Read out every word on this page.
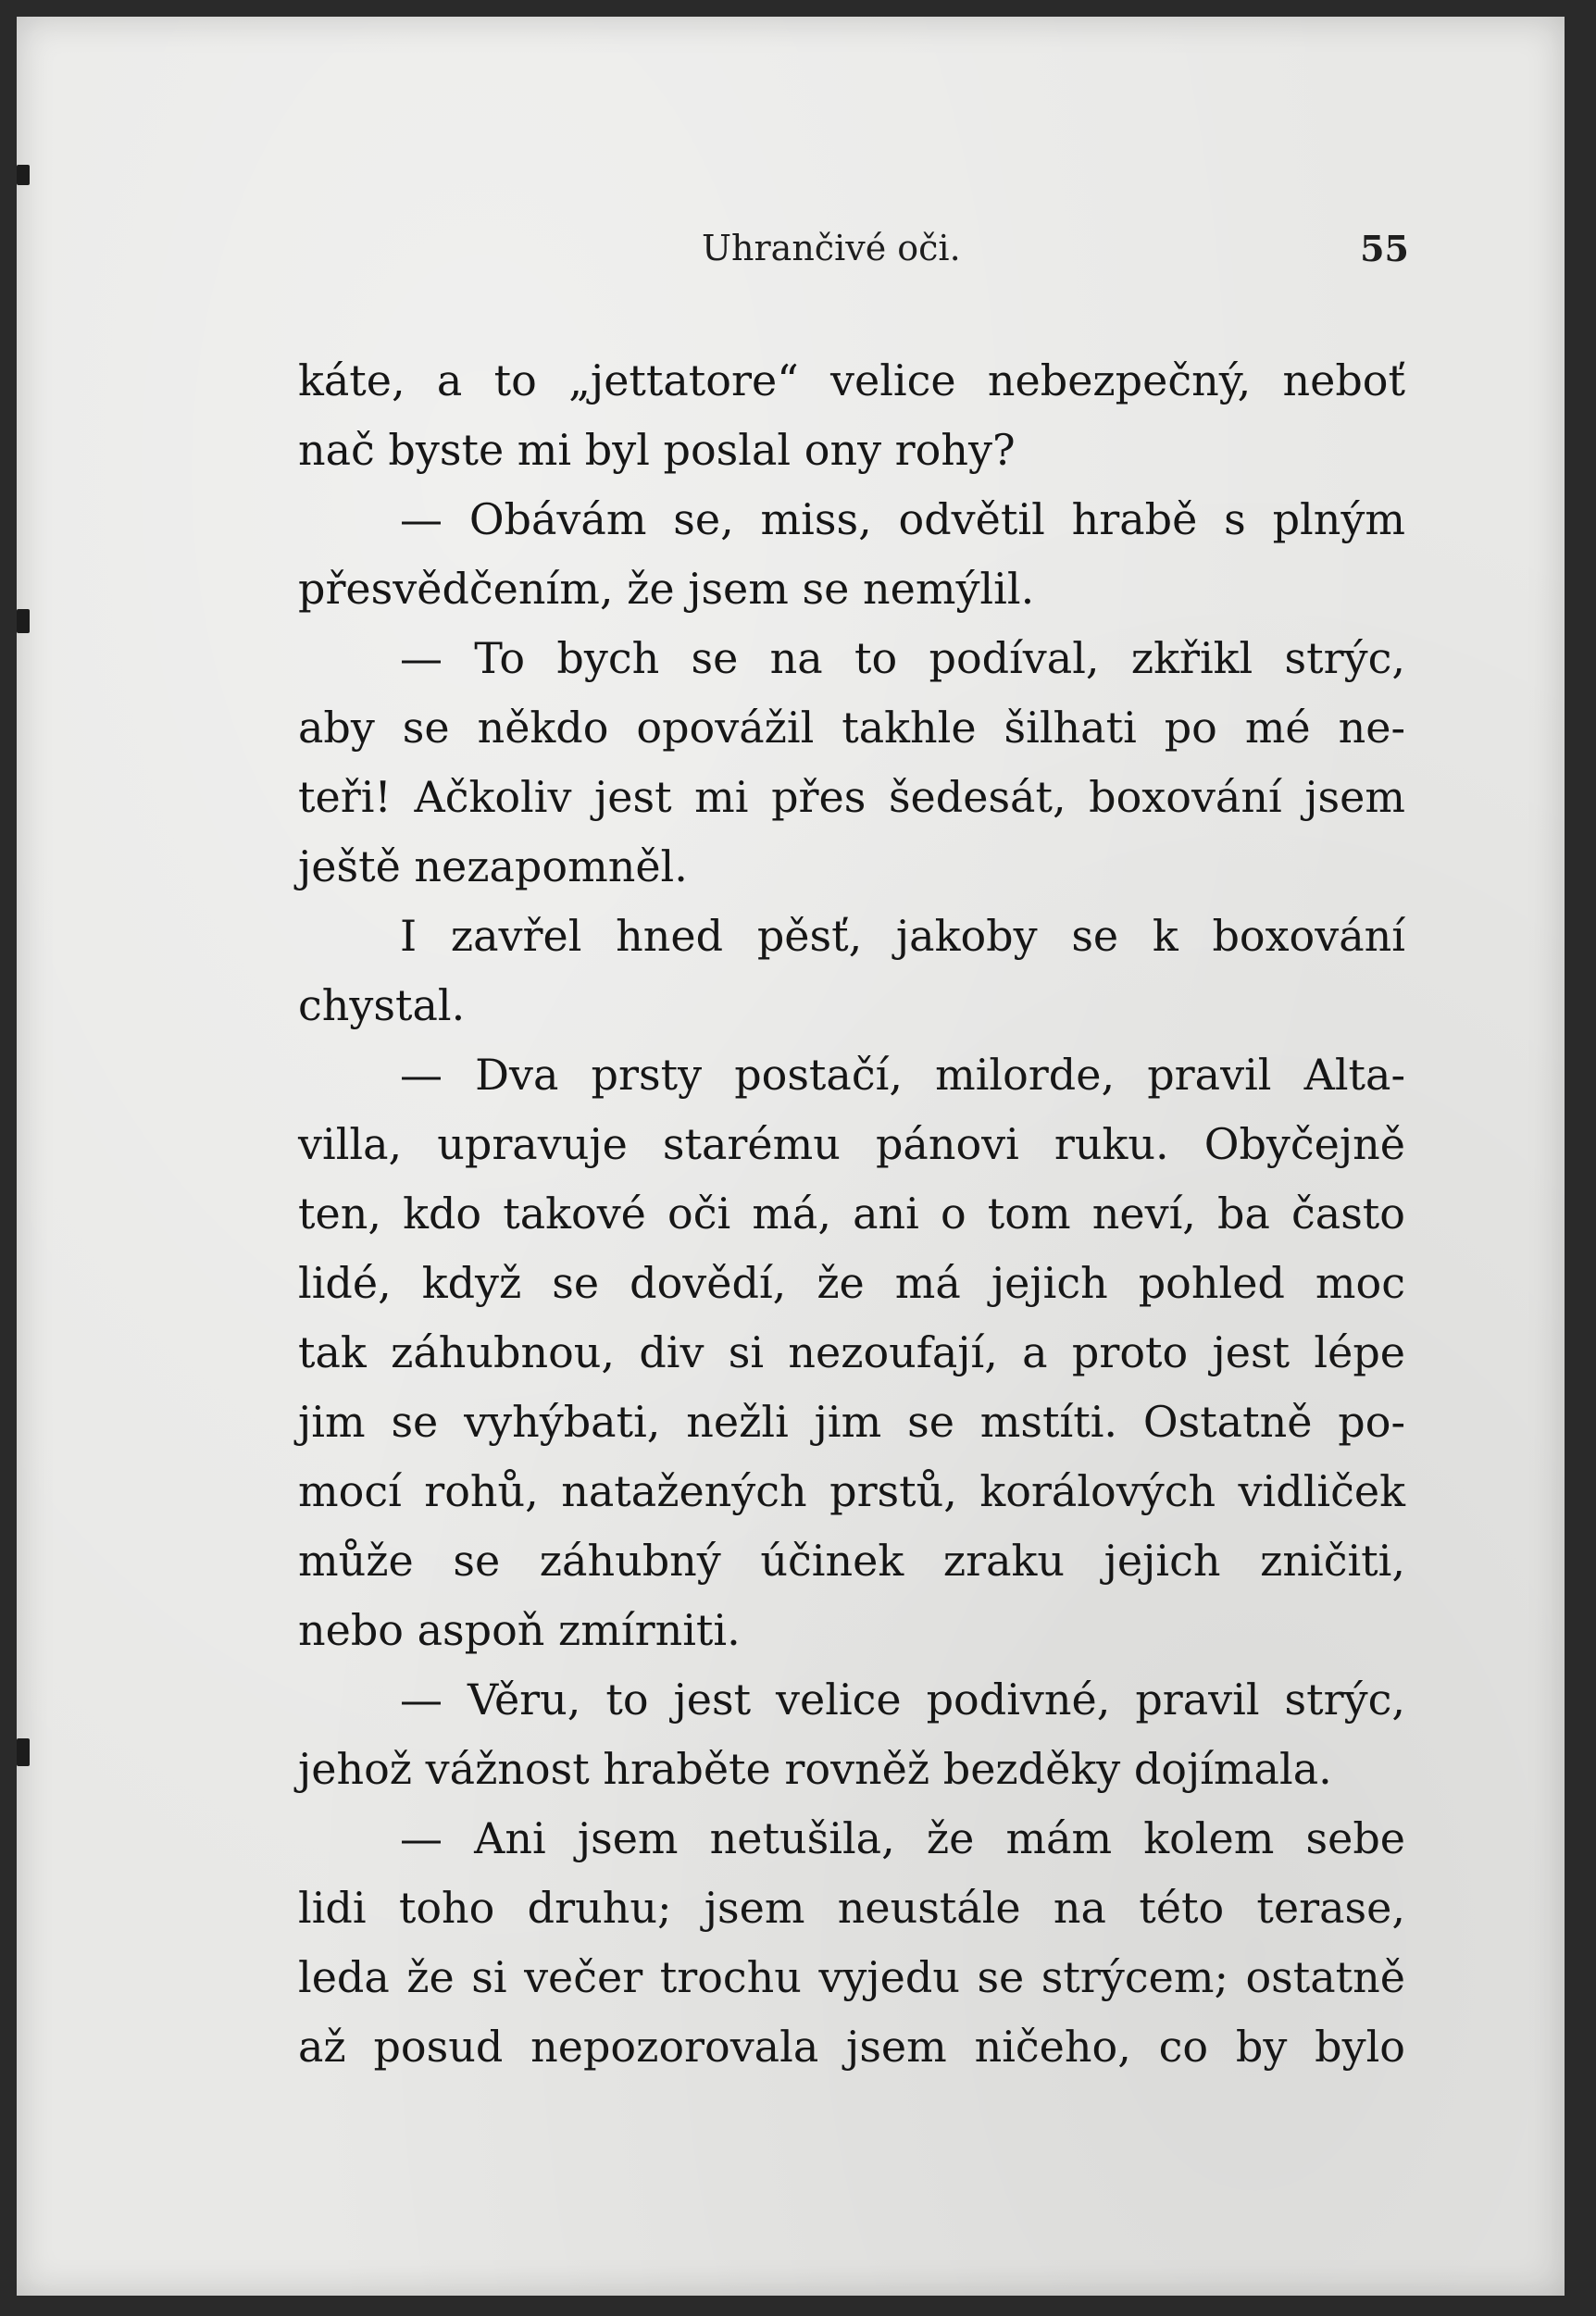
Uhrančivé oči.	55
káte, a to „jettatore“ velice nebezpečný, neboť
nač byste mi byl poslal ony rohy?
— Obávám se, miss, odvětil hrabě s plným
přesvědčením, že jsem se nemýlil.
— To bych se na to podíval, zkřikl strýc,
aby se někdo opovážil takhle šilhati po mé ne-
teři! Ačkoliv jest mi přes šedesát, boxování jsem
ještě nezapomněl.
I zavřel hned pěsť, jakoby se k boxování
chystal.
— Dva prsty postačí, milorde, pravil Alta-
villa, upravuje starému pánovi ruku. Obyčejně
ten, kdo takové oči má, ani o tom neví, ba často
lidé, když se dovědí, že má jejich pohled moc
tak záhubnou, div si nezoufají, a proto jest lépe
jim se vyhýbati, nežli jim se mstíti. Ostatně po-
mocí rohů, natažených prstů, korálových vidliček
může se záhubný účinek zraku jejich zničiti,
nebo aspoň zmírniti.
— Věru, to jest velice podivné, pravil strýc,
jehož vážnost hraběte rovněž bezděky dojímala.
— Ani jsem netušila, že mám kolem sebe
lidi toho druhu; jsem neustále na této terase,
leda že si večer trochu vyjedu se strýcem; ostatně
až posud nepozorovala jsem ničeho, co by bylo
